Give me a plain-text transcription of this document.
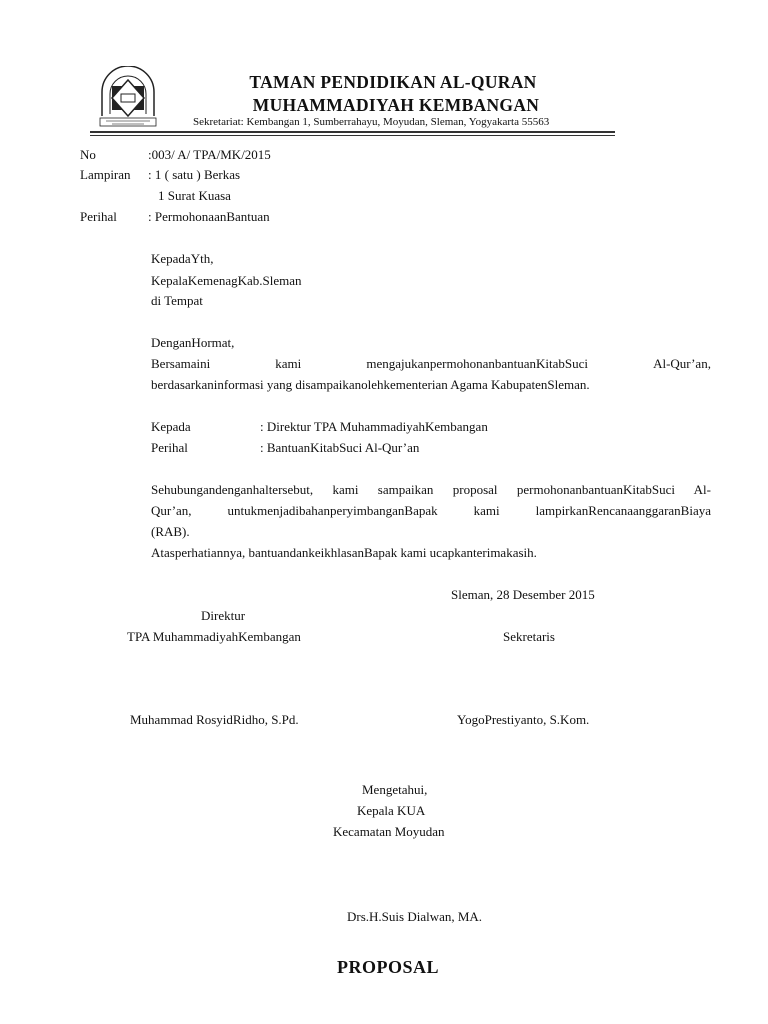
TAMAN PENDIDIKAN AL-QURAN
MUHAMMADIYAH KEMBANGAN
Sekretariat: Kembangan 1, Sumberrahayu, Moyudan, Sleman, Yogyakarta 55563
No	:003/ A/ TPA/MK/2015
Lampiran : 1 ( satu ) Berkas
1 Surat Kuasa
Perihal : PermohonaanBantuan
KepadaYth,
KepalaKemenagKab.Sleman
di Tempat
DenganHormat,
Bersamaini	kami	mengajukanpermohonanbantuanKitabSuci	Al-Qur’an,
berdasarkaninformasi yang disampaikanolehkementerian Agama KabupatenSleman.
Kepada	: Direktur TPA MuhammadiyahKembangan
Perihal	: BantuanKitabSuci Al-Qur’an
Sehubungandenganhaltersebut, kami sampaikan proposal permohonanbantuanKitabSuci Al-
Qur’an, untukmenjadibahanperyimbanganBapak kami lampirkanRencanaanggaranBiaya
(RAB).
Atasperhatiannya, bantuandankeikhlasanBapak kami ucapkanterimakasih.
Sleman, 28 Desember 2015
Direktur
TPA MuhammadiyahKembangan	Sekretaris
Muhammad RosyidRidho, S.Pd.	YogoPrestiyanto, S.Kom.
Mengetahui,
Kepala KUA
Kecamatan Moyudan
Drs.H.Suis Dialwan, MA.
PROPOSAL
